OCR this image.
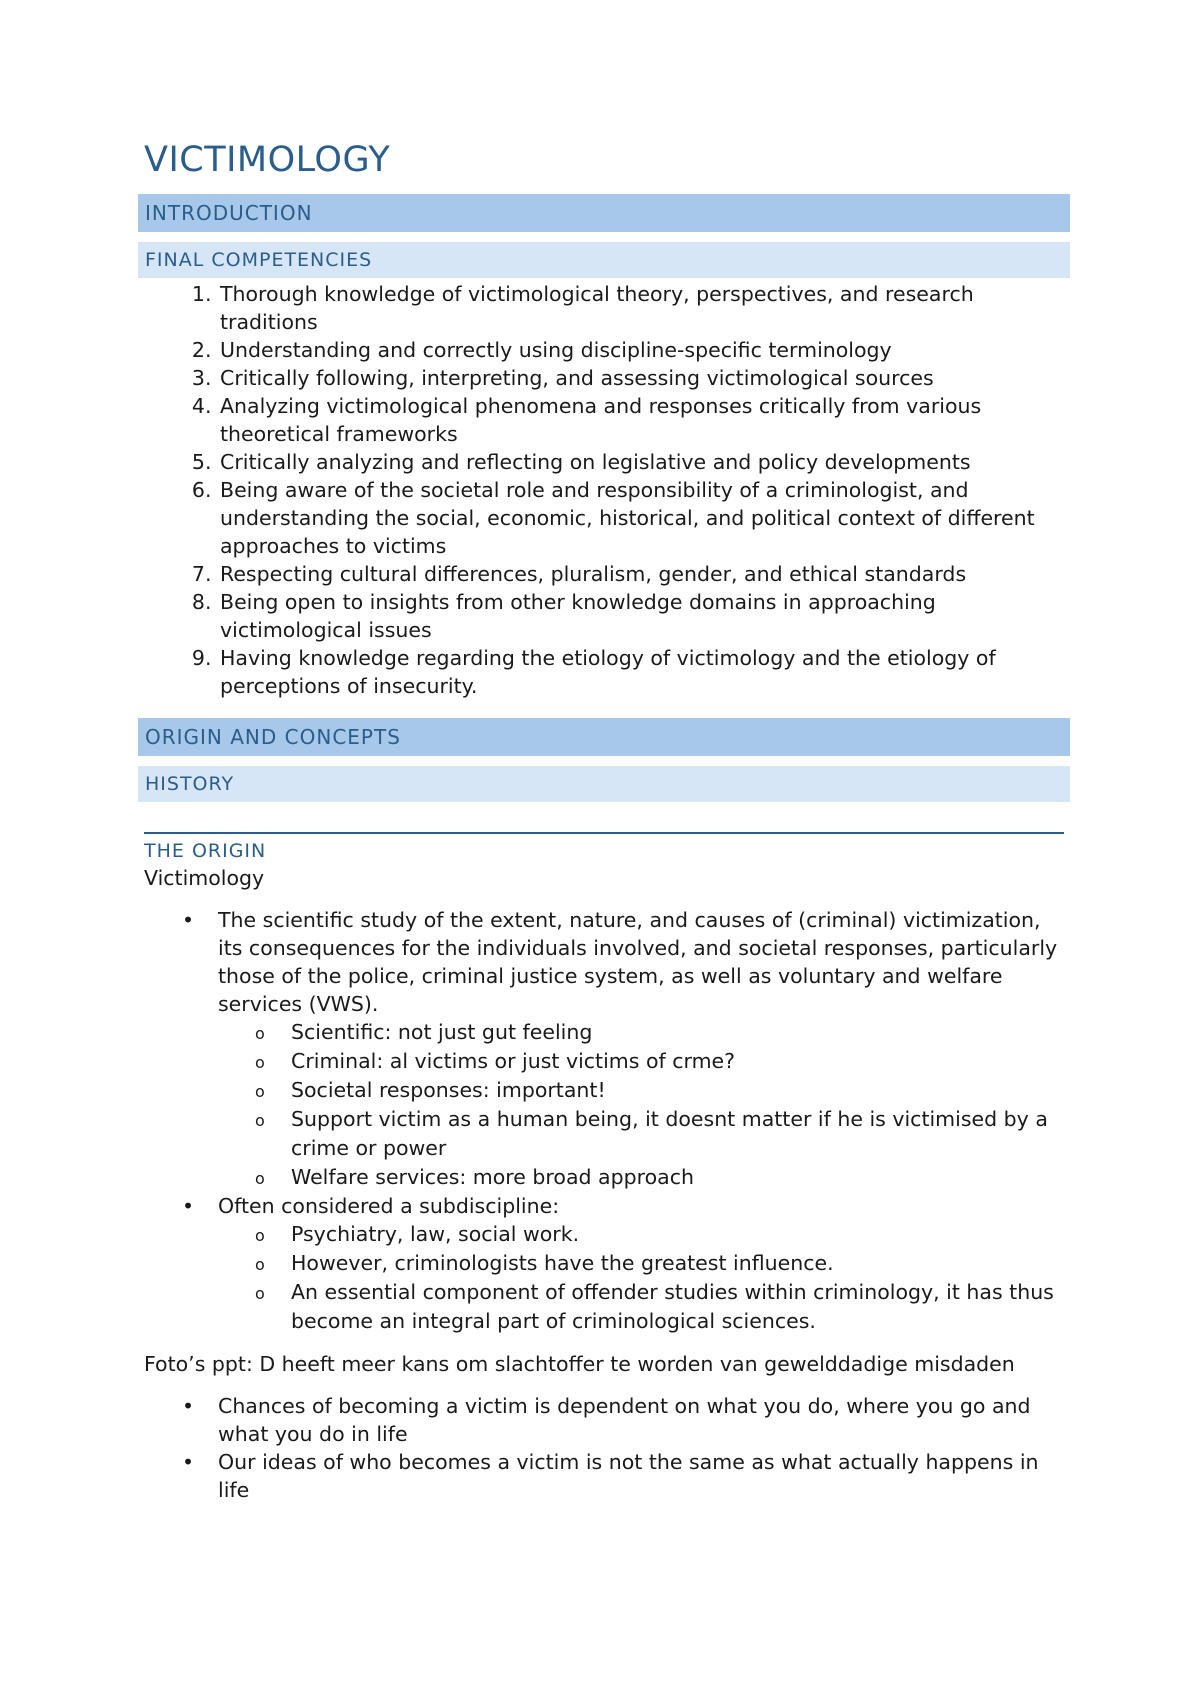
VICTIMOLOGY
INTRODUCTION
FINAL COMPETENCIES
1. Thorough knowledge of victimological theory, perspectives, and research traditions
2. Understanding and correctly using discipline-specific terminology
3. Critically following, interpreting, and assessing victimological sources
4. Analyzing victimological phenomena and responses critically from various theoretical frameworks
5. Critically analyzing and reflecting on legislative and policy developments
6. Being aware of the societal role and responsibility of a criminologist, and understanding the social, economic, historical, and political context of different approaches to victims
7. Respecting cultural differences, pluralism, gender, and ethical standards
8. Being open to insights from other knowledge domains in approaching victimological issues
9. Having knowledge regarding the etiology of victimology and the etiology of perceptions of insecurity.
ORIGIN AND CONCEPTS
HISTORY
THE ORIGIN

Victimology

• The scientific study of the extent, nature, and causes of (criminal) victimization, its consequences for the individuals involved, and societal responses, particularly those of the police, criminal justice system, as well as voluntary and welfare services (VWS).
o Scientific: not just gut feeling
o Criminal: al victims or just victims of crme?
o Societal responses: important!
o Support victim as a human being, it doesnt matter if he is victimised by a crime or power
o Welfare services: more broad approach
• Often considered a subdiscipline:
o Psychiatry, law, social work.
o However, criminologists have the greatest influence.
o An essential component of offender studies within criminology, it has thus become an integral part of criminological sciences.

Foto’s ppt: D heeft meer kans om slachtoffer te worden van gewelddadige misdaden

• Chances of becoming a victim is dependent on what you do, where you go and what you do in life
• Our ideas of who becomes a victim is not the same as what actually happens in life
